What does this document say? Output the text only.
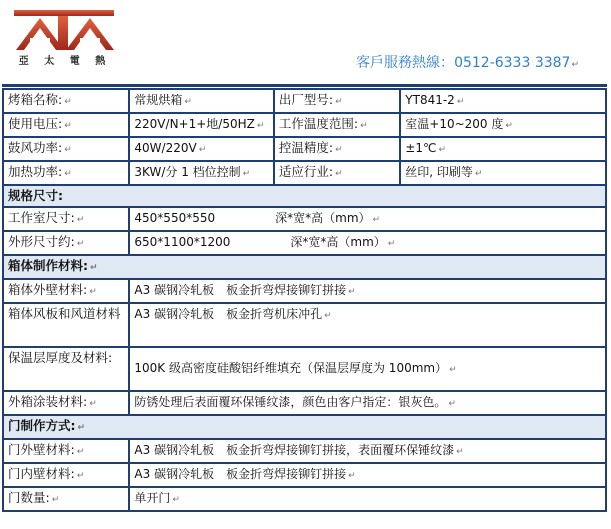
亞 太 電 熱	客戶服務熱線：0512-6333 3387↵
烤箱名称: ↵	常规烘箱 ↵	出厂型号: ↵	YT841-2 ↵
使用电压: ↵	220V/N+1+地/50HZ ↵	工作温度范围: ↵	室温+10~200 度 ↵
鼓风功率: ↵	40W/220V ↵	控温精度: ↵	±1℃ ↵
加热功率: ↵	3KW/分 1 档位控制 ↵	适应行业: ↵	丝印, 印刷等 ↵
规格尺寸:			
工作室尺寸: ↵	450*550*550 深*宽*高（mm） ↵		
外形尺寸约: ↵	650*1100*1200 深*宽*高（mm） ↵		
箱体制作材料: ↵			
箱体外壁材料: ↵	A3 碳钢冷轧板　板金折弯焊接铆钉拼接 ↵		
箱体风板和风道材料	A3 碳钢冷轧板　板金折弯机床冲孔 ↵		
保温层厚度及材料:	100K 级高密度硅酸铝纤维填充（保温层厚度为 100mm） ↵		
外箱涂装材料: ↵	防锈处理后表面覆环保锤纹漆，颜色由客户指定：银灰色。 ↵		
门制作方式: ↵			
门外壁材料: ↵	A3 碳钢冷轧板　板金折弯焊接铆钉拼接，表面覆环保锤纹漆 ↵		
门内壁材料: ↵	A3 碳钢冷轧板　板金折弯焊接铆钉拼接 ↵		
门数量: ↵	单开门 ↵		
